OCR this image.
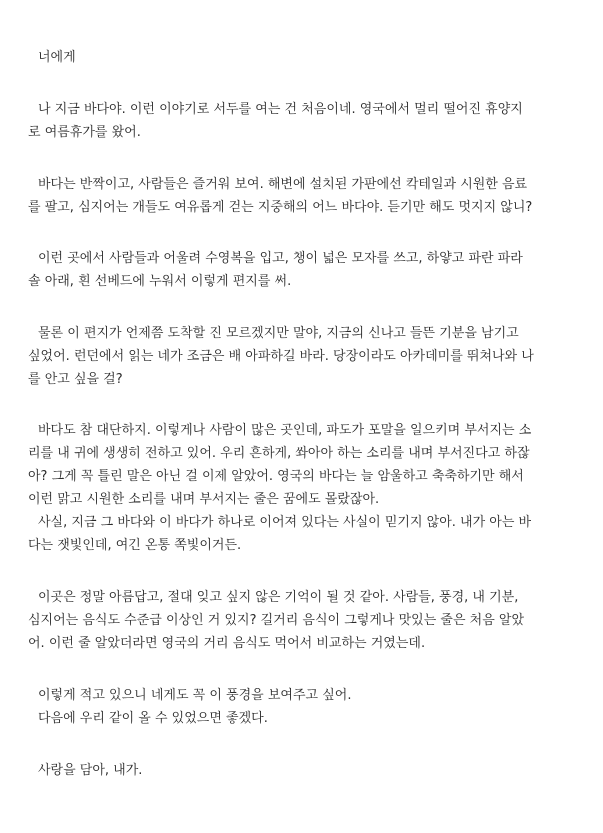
너에게
나 지금 바다야. 이런 이야기로 서두를 여는 건 처음이네. 영국에서 멀리 떨어진 휴양지
로 여름휴가를 왔어.
바다는 반짝이고, 사람들은 즐거워 보여. 해변에 설치된 가판에선 칵테일과 시원한 음료
를 팔고, 심지어는 개들도 여유롭게 걷는 지중해의 어느 바다야. 듣기만 해도 멋지지 않니?
이런 곳에서 사람들과 어울려 수영복을 입고, 챙이 넓은 모자를 쓰고, 하얗고 파란 파라
솔 아래, 흰 선베드에 누워서 이렇게 편지를 써.
물론 이 편지가 언제쯤 도착할 진 모르겠지만 말야, 지금의 신나고 들뜬 기분을 남기고
싶었어. 런던에서 읽는 네가 조금은 배 아파하길 바라. 당장이라도 아카데미를 뛰쳐나와 나
를 안고 싶을 걸?
바다도 참 대단하지. 이렇게나 사람이 많은 곳인데, 파도가 포말을 일으키며 부서지는 소
리를 내 귀에 생생히 전하고 있어. 우리 흔하게, 쏴아아 하는 소리를 내며 부서진다고 하잖
아? 그게 꼭 틀린 말은 아닌 걸 이제 알았어. 영국의 바다는 늘 암울하고 축축하기만 해서
이런 맑고 시원한 소리를 내며 부서지는 줄은 꿈에도 몰랐잖아.
사실, 지금 그 바다와 이 바다가 하나로 이어져 있다는 사실이 믿기지 않아. 내가 아는 바
다는 잿빛인데, 여긴 온통 쪽빛이거든.
이곳은 정말 아름답고, 절대 잊고 싶지 않은 기억이 될 것 같아. 사람들, 풍경, 내 기분,
심지어는 음식도 수준급 이상인 거 있지? 길거리 음식이 그렇게나 맛있는 줄은 처음 알았
어. 이런 줄 알았더라면 영국의 거리 음식도 먹어서 비교하는 거였는데.
이렇게 적고 있으니 네게도 꼭 이 풍경을 보여주고 싶어.
다음에 우리 같이 올 수 있었으면 좋겠다.
사랑을 담아, 내가.
